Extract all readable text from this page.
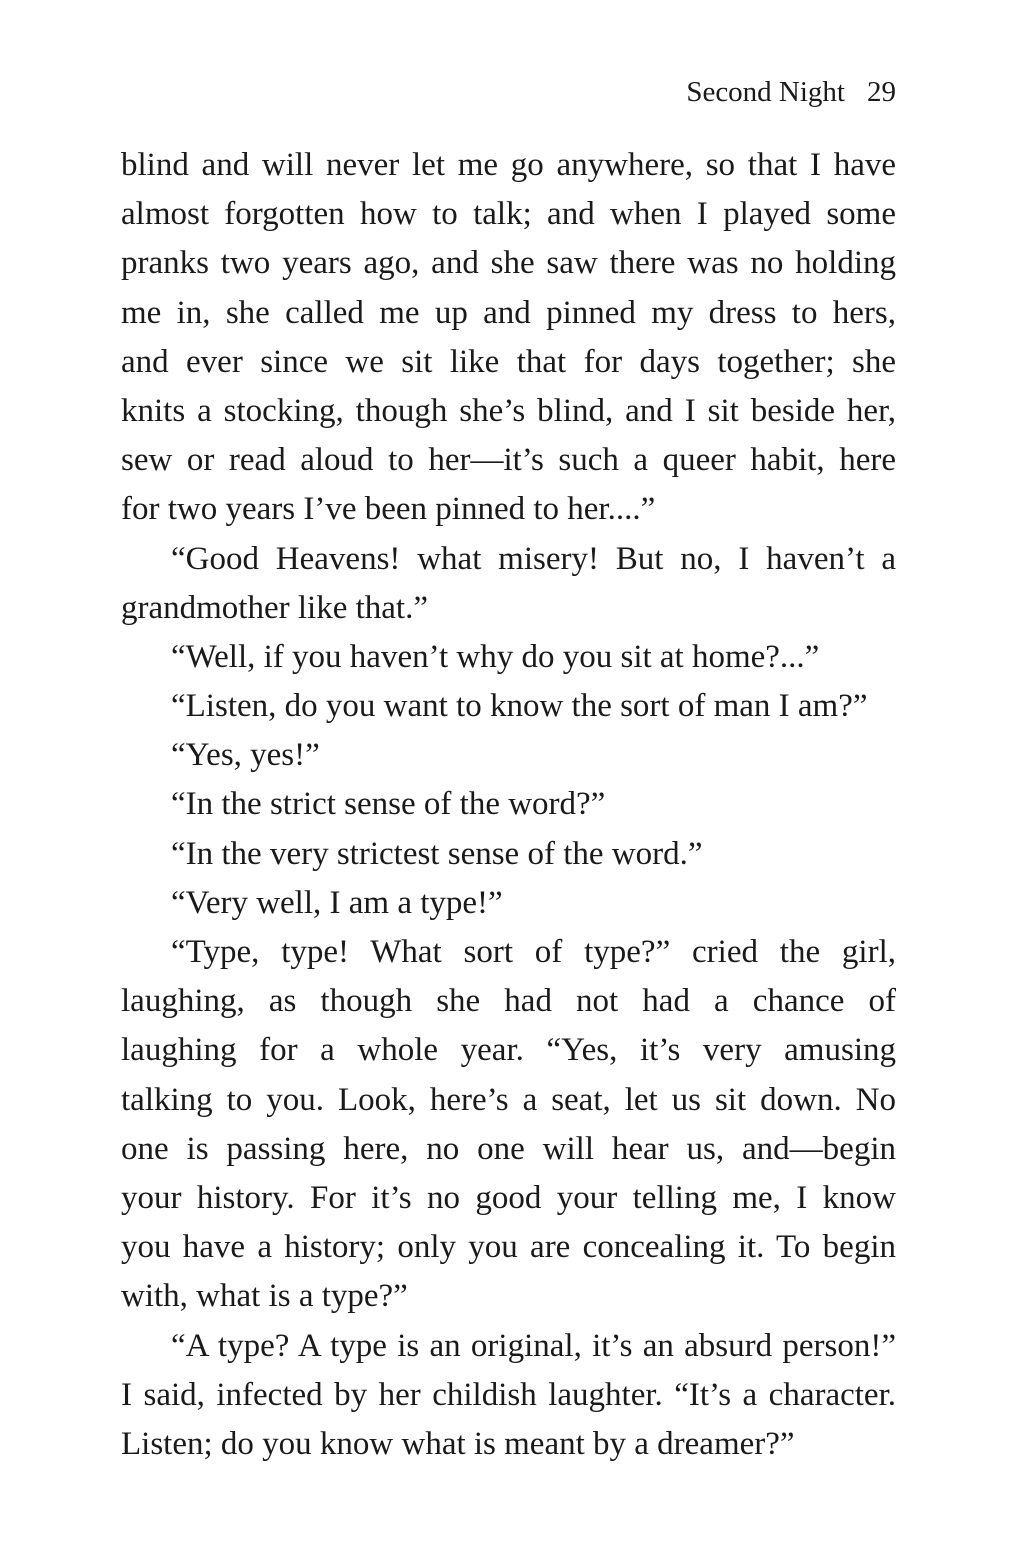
Second Night 29
blind and will never let me go anywhere, so that I have
almost forgotten how to talk; and when I played some
pranks two years ago, and she saw there was no holding
me in, she called me up and pinned my dress to hers,
and ever since we sit like that for days together; she
knits a stocking, though she’s blind, and I sit beside her,
sew or read aloud to her—it’s such a queer habit, here
for two years I’ve been pinned to her....”
“Good Heavens! what misery! But no, I haven’t a
grandmother like that.”
“Well, if you haven’t why do you sit at home?...”
“Listen, do you want to know the sort of man I am?”
“Yes, yes!”
“In the strict sense of the word?”
“In the very strictest sense of the word.”
“Very well, I am a type!”
“Type, type! What sort of type?” cried the girl,
laughing, as though she had not had a chance of
laughing for a whole year. “Yes, it’s very amusing
talking to you. Look, here’s a seat, let us sit down. No
one is passing here, no one will hear us, and—begin
your history. For it’s no good your telling me, I know
you have a history; only you are concealing it. To begin
with, what is a type?”
“A type? A type is an original, it’s an absurd person!”
I said, infected by her childish laughter. “It’s a character.
Listen; do you know what is meant by a dreamer?”
